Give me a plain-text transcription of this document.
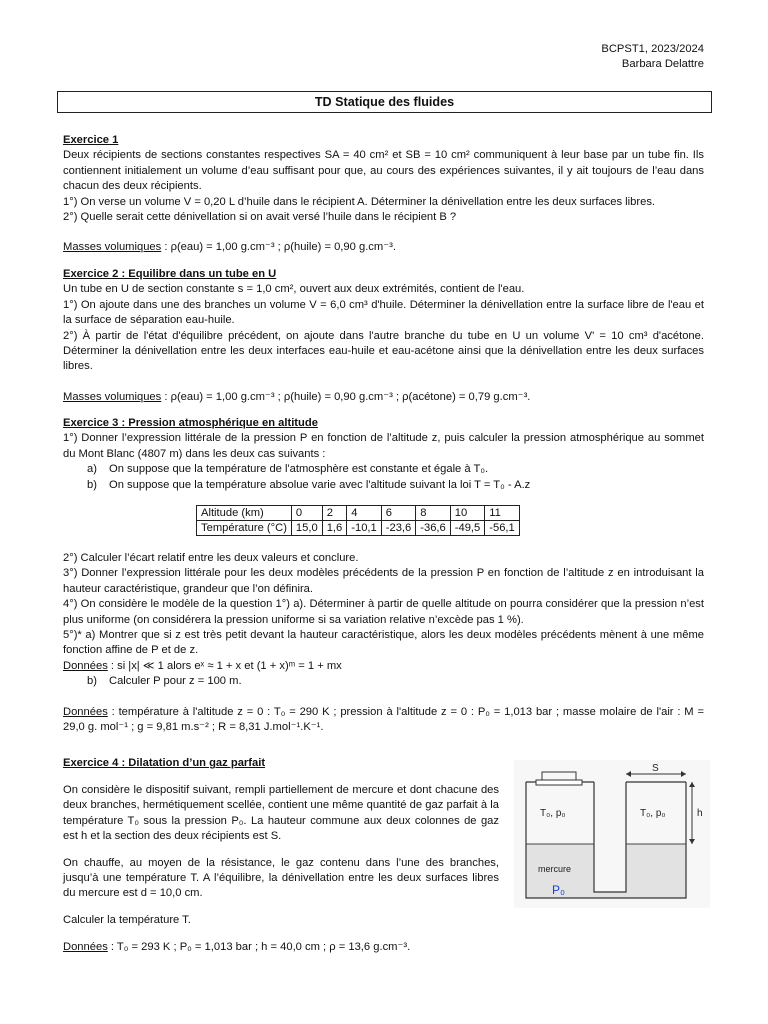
BCPST1, 2023/2024
Barbara Delattre
TD Statique des fluides

Exercice 1

Deux récipients de sections constantes respectives SA = 40 cm² et SB = 10 cm² communiquent à leur base par un tube fin. Ils contiennent initialement un volume d’eau suffisant pour que, au cours des expériences suivantes, il y ait toujours de l’eau dans chacun des deux récipients.

1°) On verse un volume V = 0,20 L d’huile dans le récipient A. Déterminer la dénivellation entre les deux surfaces libres.

2°) Quelle serait cette dénivellation si on avait versé l’huile dans le récipient B ?

Masses volumiques : ρ(eau) = 1,00 g.cm⁻³ ; ρ(huile) = 0,90 g.cm⁻³.

Exercice 2 : Equilibre dans un tube en U

Un tube en U de section constante s = 1,0 cm², ouvert aux deux extrémités, contient de l'eau.

1°) On ajoute dans une des branches un volume V = 6,0 cm³ d'huile. Déterminer la dénivellation entre la surface libre de l'eau et la surface de séparation eau-huile.

2°) À partir de l'état d'équilibre précédent, on ajoute dans l'autre branche du tube en U un volume V' = 10 cm³ d'acétone. Déterminer la dénivellation entre les deux interfaces eau-huile et eau-acétone ainsi que la dénivellation entre les deux surfaces libres.

Masses volumiques : ρ(eau) = 1,00 g.cm⁻³ ; ρ(huile) = 0,90 g.cm⁻³ ; ρ(acétone) = 0,79 g.cm⁻³.

Exercice 3 : Pression atmosphérique en altitude

1°) Donner l’expression littérale de la pression P en fonction de l’altitude z, puis calculer la pression atmosphérique au sommet du Mont Blanc (4807 m) dans les deux cas suivants :

a) On suppose que la température de l'atmosphère est constante et égale à T₀.

b) On suppose que la température absolue varie avec l'altitude suivant la loi T = T₀ - A.z

Altitude (km)	0	2	4	6	8	10	11
Température (°C)	15,0	1,6	-10,1	-23,6	-36,6	-49,5	-56,1

2°) Calculer l’écart relatif entre les deux valeurs et conclure.

3°) Donner l’expression littérale pour les deux modèles précédents de la pression P en fonction de l’altitude z en introduisant la hauteur caractéristique, grandeur que l’on définira.

4°) On considère le modèle de la question 1°) a). Déterminer à partir de quelle altitude on pourra considérer que la pression n’est plus uniforme (on considérera la pression uniforme si sa variation relative n’excède pas 1 %).

5°)* a) Montrer que si z est très petit devant la hauteur caractéristique, alors les deux modèles précédents mènent à une même fonction affine de P et de z.

Données : si |x| ≪ 1 alors eˣ ≈ 1 + x et (1 + x)ᵐ = 1 + mx

b) Calculer P pour z = 100 m.

Données : température à l'altitude z = 0 : T₀ = 290 K ; pression à l'altitude z = 0 : P₀ = 1,013 bar ; masse molaire de l'air : M = 29,0 g. mol⁻¹ ; g = 9,81 m.s⁻² ; R = 8,31 J.mol⁻¹.K⁻¹.

Exercice 4 : Dilatation d’un gaz parfait

On considère le dispositif suivant, rempli partiellement de mercure et dont chacune des deux branches, hermétiquement scellée, contient une même quantité de gaz parfait à la température T₀ sous la pression P₀. La hauteur commune aux deux colonnes de gaz est h et la section des deux récipients est S.

On chauffe, au moyen de la résistance, le gaz contenu dans l’une des branches, jusqu’à une température T. A l’équilibre, la dénivellation entre les deux surfaces libres du mercure est d = 10,0 cm.

Calculer la température T.

Données : T₀ = 293 K ; P₀ = 1,013 bar ; h = 40,0 cm ; ρ = 13,6 g.cm⁻³.

S
h
T₀, p₀	T₀, p₀
mercure
P₀
